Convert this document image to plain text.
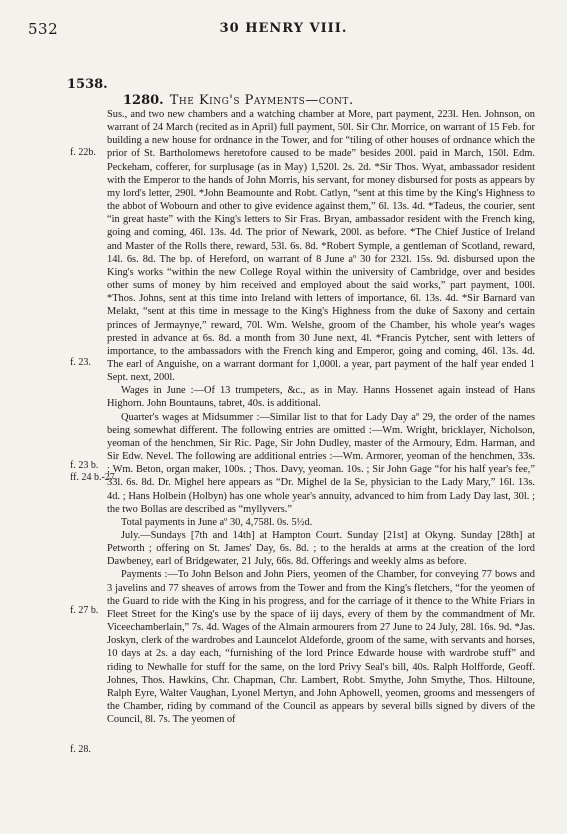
532	30 HENRY VIII.
1538.
1280. The King's Payments—cont.
f. 22b.
f. 23.
f. 23 b.
ff. 24 b.-27.
f. 27 b.
f. 28.

Sus., and two new chambers and a watching chamber at More, part payment, 223l. Hen. Johnson, on warrant of 24 March (recited as in April) full payment, 50l. Sir Chr. Morrice, on warrant of 15 Feb. for building a new house for ordnance in the Tower, and for “tiling of other houses of ordnance which the prior of St. Bartholomews heretofore caused to be made” besides 200l. paid in March, 150l. Edm. Peckeham, cofferer, for surplusage (as in May) 1,520l. 2s. 2d. *Sir Thos. Wyat, ambassador resident with the Emperor to the hands of John Morris, his servant, for money disbursed for posts as appears by my lord's letter, 290l. *John Beamounte and Robt. Catlyn, “sent at this time by the King's Highness to the abbot of Wobourn and other to give evidence against them,” 6l. 13s. 4d. *Tadeus, the courier, sent “in great haste” with the King's letters to Sir Fras. Bryan, ambassador resident with the French king, going and coming, 46l. 13s. 4d. The prior of Newark, 200l. as before. *The Chief Justice of Ireland and Master of the Rolls there, reward, 53l. 6s. 8d. *Robert Symple, a gentleman of Scotland, reward, 14l. 6s. 8d. The bp. of Hereford, on warrant of 8 June aº 30 for 232l. 15s. 9d. disbursed upon the King's works “within the new College Royal within the university of Cambridge, over and besides other sums of money by him received and employed about the said works,” part payment, 100l. *Thos. Johns, sent at this time into Ireland with letters of importance, 6l. 13s. 4d. *Sir Barnard van Melakt, “sent at this time in message to the King's Highness from the duke of Saxony and certain princes of Jermaynye,” reward, 70l. Wm. Welshe, groom of the Chamber, his whole year's wages prested in advance at 6s. 8d. a month from 30 June next, 4l. *Francis Pytcher, sent with letters of importance, to the ambassadors with the French king and Emperor, going and coming, 46l. 13s. 4d. The earl of Anguishe, on a warrant dormant for 1,000l. a year, part payment of the half year ended 1 Sept. next, 200l.

Wages in June :—Of 13 trumpeters, &c., as in May. Hanns Hossenet again instead of Hans Highorn. John Bountauns, tabret, 40s. is additional.

Quarter's wages at Midsummer :—Similar list to that for Lady Day aº 29, the order of the names being somewhat different. The following entries are omitted :—Wm. Wright, bricklayer, Nicholson, yeoman of the henchmen, Sir Ric. Page, Sir John Dudley, master of the Armoury, Edm. Harman, and Sir Edw. Nevel. The following are additional entries :—Wm. Armorer, yeoman of the henchmen, 33s. ; Wm. Beton, organ maker, 100s. ; Thos. Davy, yeoman. 10s. ; Sir John Gage “for his half year's fee,” 33l. 6s. 8d. Dr. Mighel here appears as “Dr. Mighel de la Se, physician to the Lady Mary,” 16l. 13s. 4d. ; Hans Holbein (Holbyn) has one whole year's annuity, advanced to him from Lady Day last, 30l. ; the two Bollas are described as “myllyvers.”

Total payments in June aº 30, 4,758l. 0s. 5½d.

July.—Sundays [7th and 14th] at Hampton Court. Sunday [21st] at Okyng. Sunday [28th] at Petworth ; offering on St. James' Day, 6s. 8d. ; to the heralds at arms at the creation of the lord Dawbeney, earl of Bridgewater, 21 July, 66s. 8d. Offerings and weekly alms as before.

Payments :—To John Belson and John Piers, yeomen of the Chamber, for conveying 77 bows and 3 javelins and 77 sheaves of arrows from the Tower and from the King's fletchers, “for the yeomen of the Guard to ride with the King in his progress, and for the carriage of it thence to the White Friars in Fleet Street for the King's use by the space of iij days, every of them by the commandment of Mr. Viceechamberlain,” 7s. 4d. Wages of the Almain armourers from 27 June to 24 July, 28l. 16s. 9d. *Jas. Joskyn, clerk of the wardrobes and Launcelot Aldeforde, groom of the same, with servants and horses, 10 days at 2s. a day each, “furnishing of the lord Prince Edwarde house with wardrobe stuff” and riding to Newhalle for stuff for the same, on the lord Privy Seal's bill, 40s. Ralph Holfforde, Geoff. Johnes, Thos. Hawkins, Chr. Chapman, Chr. Lambert, Robt. Smythe, John Smythe, Thos. Hiltoune, Ralph Eyre, Walter Vaughan, Lyonel Mertyn, and John Aphowell, yeomen, grooms and messengers of the Chamber, riding by command of the Council as appears by several bills signed by divers of the Council, 8l. 7s. The yeomen of
